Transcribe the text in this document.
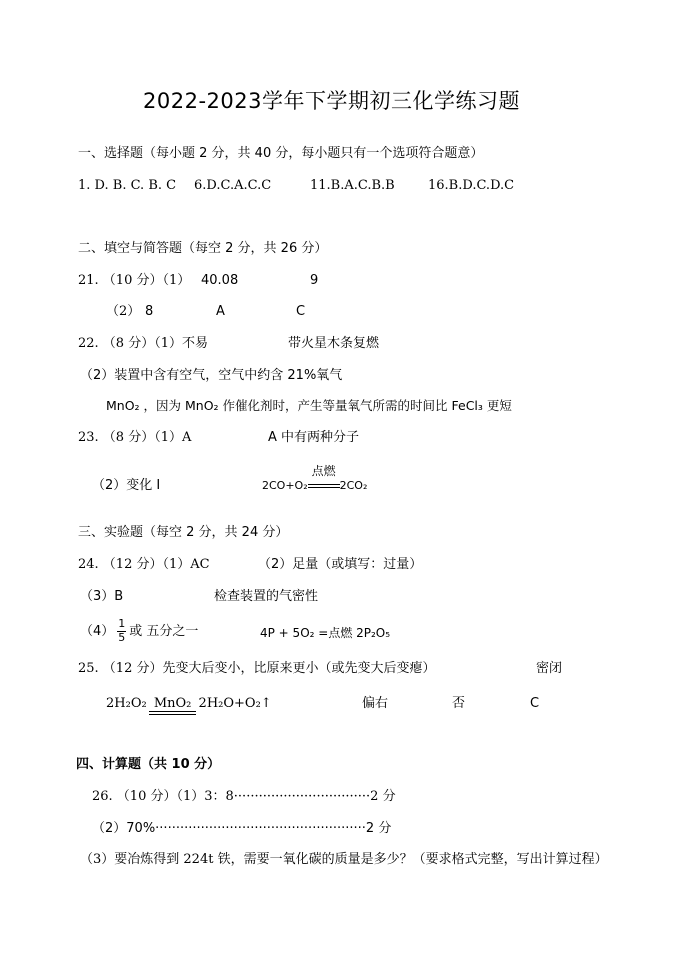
2022-2023学年下学期初三化学练习题
一、选择题（每小题 2 分，共 40 分，每小题只有一个选项符合题意）
1. D. B. C. B. C 6.D.C.A.C.C	11.B.A.C.B.B	16.B.D.C.D.C
二、填空与简答题（每空 2 分，共 26 分）
21. （10 分）（1） 40.08	9
（2） 8	A	C
22. （8 分）（1）不易	带火星木条复燃
（2）装置中含有空气，空气中约含 21%氧气
MnO₂ ，因为 MnO₂ 作催化剂时，产生等量氧气所需的时间比 FeCl₃ 更短
23. （8 分）（1）A	A 中有两种分子
（2）变化 Ⅰ	2CO+O₂
点燃
2CO₂
三、实验题（每空 2 分，共 24 分）
24. （12 分）（1）AC	（2）足量（或填写：过量）
（3）B	检查装置的气密性
$(4) \frac{1}{5}$ 或 五分之一	4P + 5O₂ =点燃 2P₂O₅
25. （12 分）先变大后变小，比原来更小（或先变大后变瘪）	密闭
2H₂O₂ MnO₂ 2H₂O+O₂↑	偏右	否	C
四、计算题（共 10 分）
26. （10 分）（1）3：8·································2 分
（2）70%···················································2 分
（3）要冶炼得到 224t 铁，需要一氧化碳的质量是多少？（要求格式完整，写出计算过程）
